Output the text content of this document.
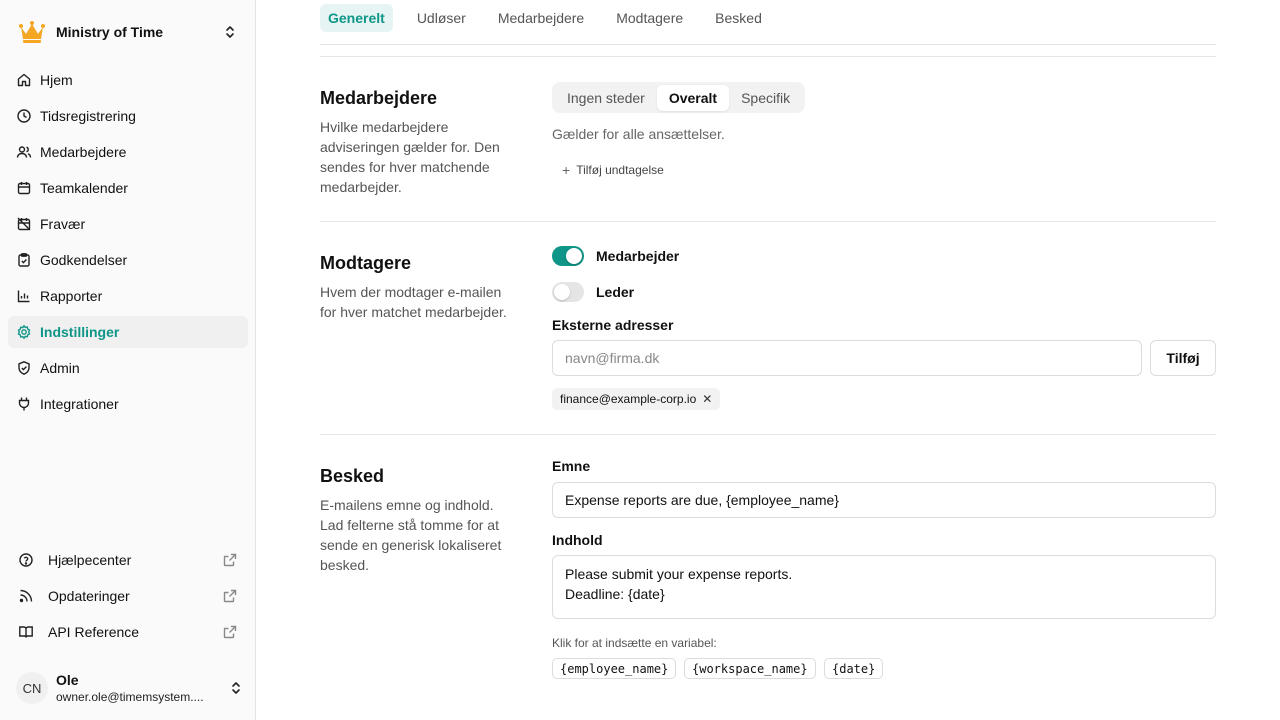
Ministry of Time
Hjem
Tidsregistrering
Medarbejdere
Teamkalender
Fravær
Godkendelser
Rapporter
Indstillinger
Admin
Integrationer
Hjælpecenter
Opdateringer
API Reference
CN	Ole
owner.ole@timemsystem....
Generelt	Udløser	Medarbejdere	Modtagere	Besked
Medarbejdere
Hvilke medarbejdere adviseringen gælder for. Den sendes for hver matchende medarbejder.
Ingen steder	Overalt	Specifik
Gælder for alle ansættelser.
+ Tilføj undtagelse
Modtagere
Hvem der modtager e-mailen for hver matchet medarbejder.
Medarbejder
Leder
Eksterne adresser
navn@firma.dk
Tilføj
finance@example-corp.io ✕
Besked
E-mailens emne og indhold. Lad felterne stå tomme for at sende en generisk lokaliseret besked.
Emne
Expense reports are due, {employee_name}
Indhold
Please submit your expense reports. Deadline: {date}
Klik for at indsætte en variabel:
{employee_name}	{workspace_name}	{date}
